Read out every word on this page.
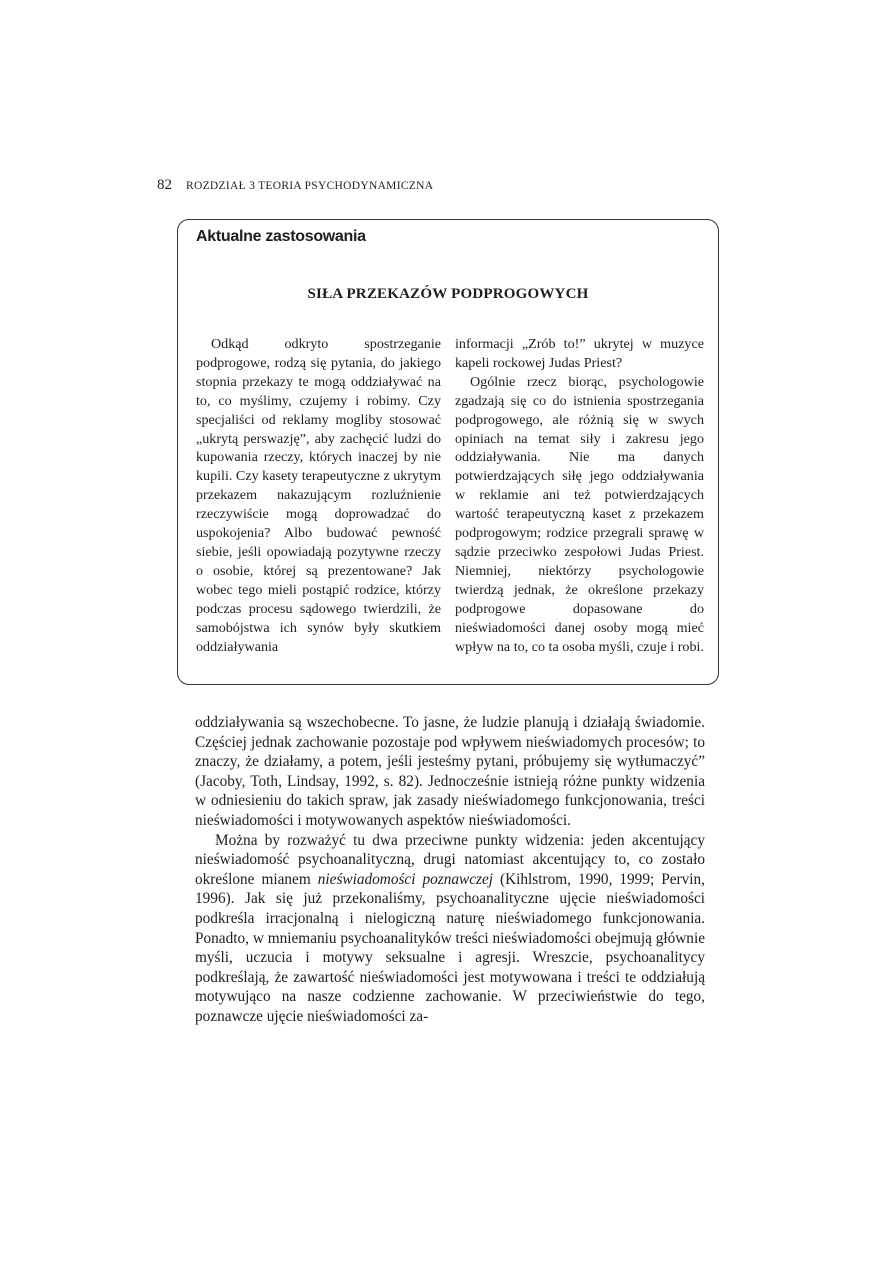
82 ROZDZIAŁ 3 TEORIA PSYCHODYNAMICZNA
Aktualne zastosowania
SIŁA PRZEKAZÓW PODPROGOWYCH

Odkąd odkryto spostrzeganie podprogowe, rodzą się pytania, do jakiego stopnia przekazy te mogą oddziaływać na to, co myślimy, czujemy i robimy. Czy specjaliści od reklamy mogliby stosować „ukrytą perswazję”, aby zachęcić ludzi do kupowania rzeczy, których inaczej by nie kupili. Czy kasety terapeutyczne z ukrytym przekazem nakazującym rozluźnienie rzeczywiście mogą doprowadzać do uspokojenia? Albo budować pewność siebie, jeśli opowiadają pozytywne rzeczy o osobie, której są prezentowane? Jak wobec tego mieli postąpić rodzice, którzy podczas procesu sądowego twierdzili, że samobójstwa ich synów były skutkiem oddziaływania

informacji „Zrób to!” ukrytej w muzyce kapeli rockowej Judas Priest?

Ogólnie rzecz biorąc, psychologowie zgadzają się co do istnienia spostrzegania podprogowego, ale różnią się w swych opiniach na temat siły i zakresu jego oddziaływania. Nie ma danych potwierdzających siłę jego oddziaływania w reklamie ani też potwierdzających wartość terapeutyczną kaset z przekazem podprogowym; rodzice przegrali sprawę w sądzie przeciwko zespołowi Judas Priest. Niemniej, niektórzy psychologowie twierdzą jednak, że określone przekazy podprogowe dopasowane do nieświadomości danej osoby mogą mieć wpływ na to, co ta osoba myśli, czuje i robi.

oddziaływania są wszechobecne. To jasne, że ludzie planują i działają świadomie. Częściej jednak zachowanie pozostaje pod wpływem nieświadomych procesów; to znaczy, że działamy, a potem, jeśli jesteśmy pytani, próbujemy się wytłumaczyć” (Jacoby, Toth, Lindsay, 1992, s. 82). Jednocześnie istnieją różne punkty widzenia w odniesieniu do takich spraw, jak zasady nieświadomego funkcjonowania, treści nieświadomości i motywowanych aspektów nieświadomości.

Można by rozważyć tu dwa przeciwne punkty widzenia: jeden akcentujący nieświadomość psychoanalityczną, drugi natomiast akcentujący to, co zostało określone mianem nieświadomości poznawczej (Kihlstrom, 1990, 1999; Pervin, 1996). Jak się już przekonaliśmy, psychoanalityczne ujęcie nieświadomości podkreśla irracjonalną i nielogiczną naturę nieświadomego funkcjonowania. Ponadto, w mniemaniu psychoanalityków treści nieświadomości obejmują głównie myśli, uczucia i motywy seksualne i agresji. Wreszcie, psychoanalitycy podkreślają, że zawartość nieświadomości jest motywowana i treści te oddziałują motywująco na nasze codzienne zachowanie. W przeciwieństwie do tego, poznawcze ujęcie nieświadomości za-
